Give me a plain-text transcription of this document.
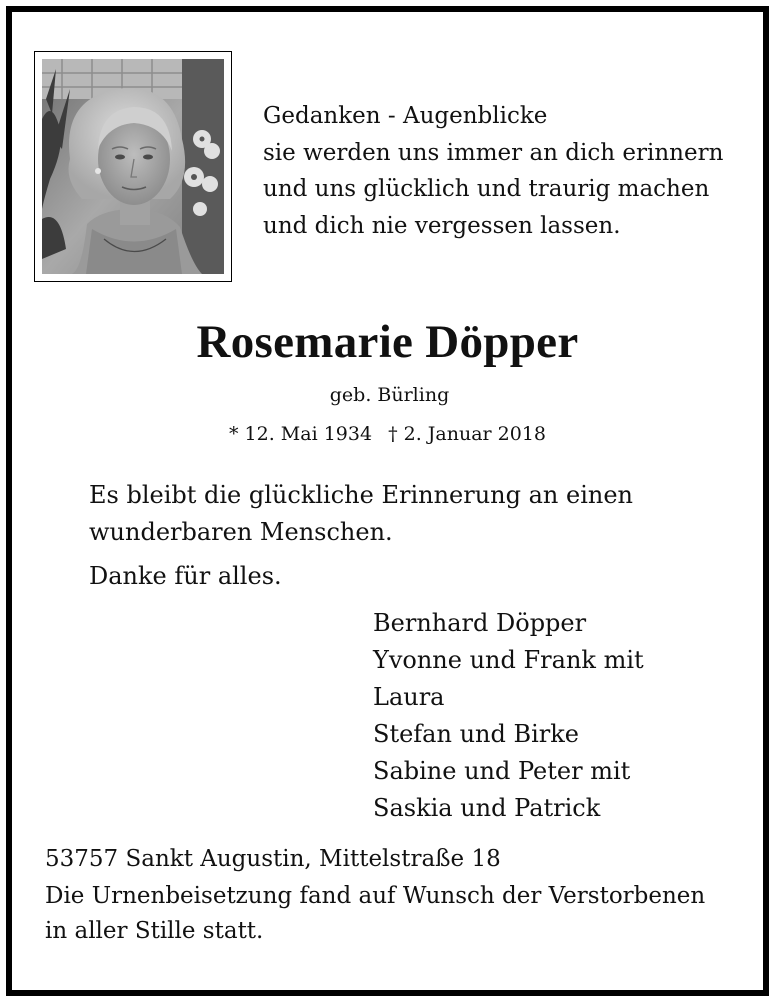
Gedanken - Augenblicke
sie werden uns immer an dich erinnern
und uns glücklich und traurig machen
und dich nie vergessen lassen.
Rosemarie Döpper
geb. Bürling
* 12. Mai 1934 † 2. Januar 2018
Es bleibt die glückliche Erinnerung an einen
wunderbaren Menschen.
Danke für alles.
Bernhard Döpper
Yvonne und Frank mit
Laura
Stefan und Birke
Sabine und Peter mit
Saskia und Patrick
53757 Sankt Augustin, Mittelstraße 18
Die Urnenbeisetzung fand auf Wunsch der Verstorbenen
in aller Stille statt.
